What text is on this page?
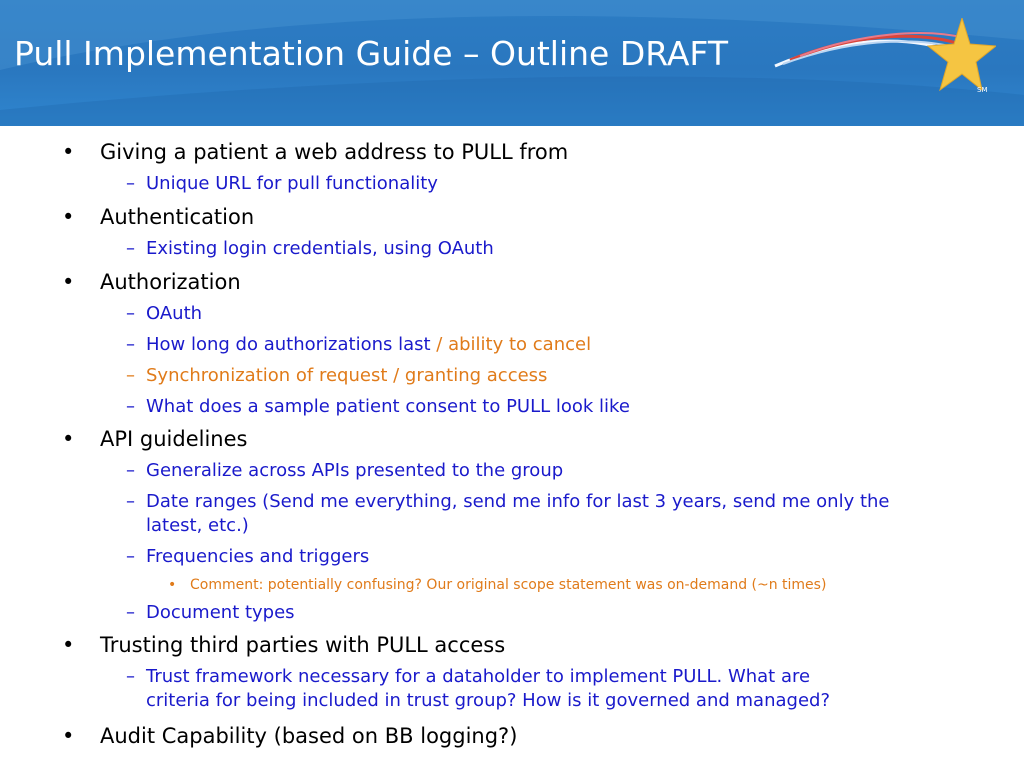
SM
Pull Implementation Guide – Outline DRAFT
• Giving a patient a web address to PULL from
– Unique URL for pull functionality
• Authentication
– Existing login credentials, using OAuth
• Authorization
– OAuth
– How long do authorizations last / ability to cancel
– Synchronization of request / granting access
– What does a sample patient consent to PULL look like
• API guidelines
– Generalize across APIs presented to the group
– Date ranges (Send me everything, send me info for last 3 years, send me only the
latest, etc.)
– Frequencies and triggers
• Comment: potentially confusing? Our original scope statement was on-demand (~n times)
– Document types
• Trusting third parties with PULL access
– Trust framework necessary for a dataholder to implement PULL. What are
criteria for being included in trust group? How is it governed and managed?
• Audit Capability (based on BB logging?)
